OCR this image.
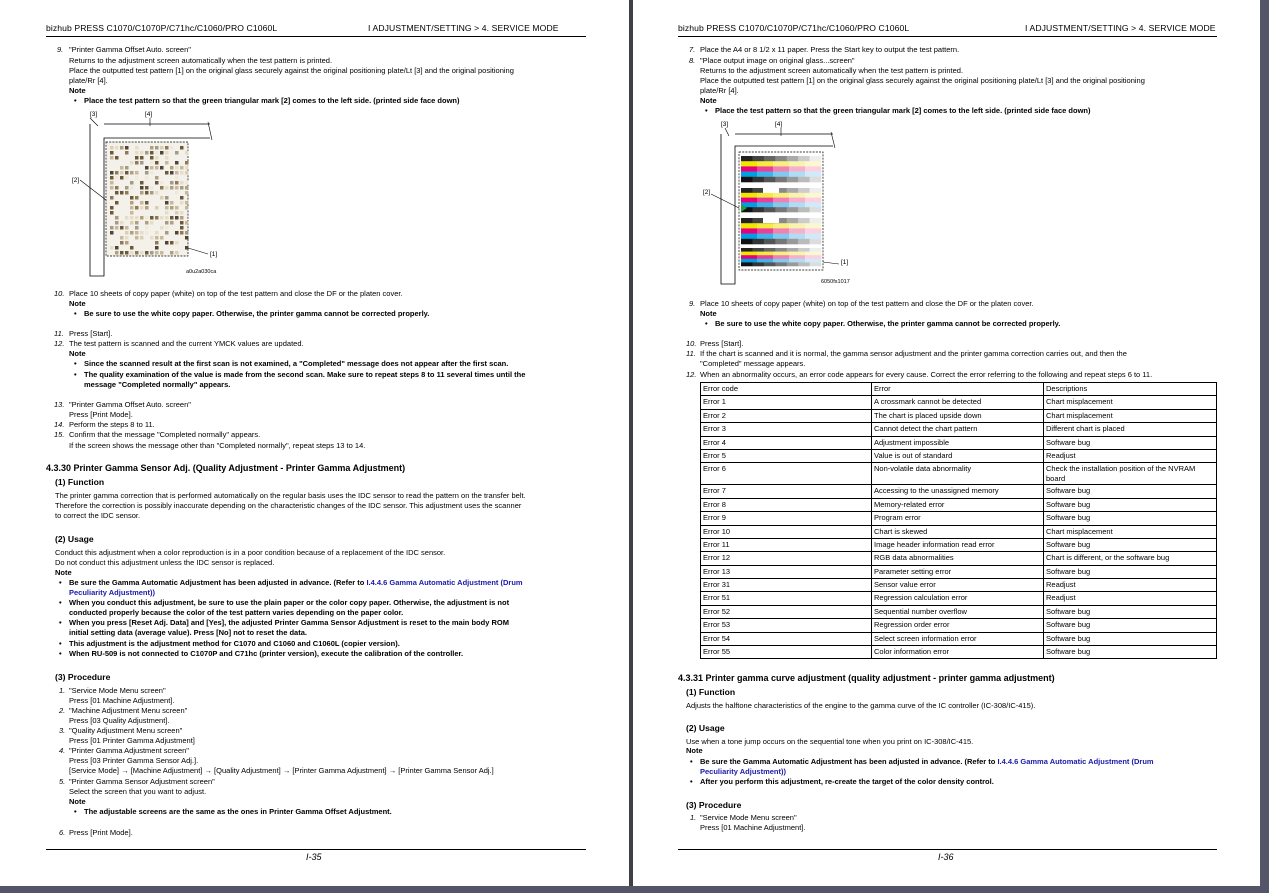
bizhub PRESS C1070/C1070P/C71hc/C1060/PRO C1060L	I ADJUSTMENT/SETTING > 4. SERVICE MODE
9. "Printer Gamma Offset Auto. screen"
Returns to the adjustment screen automatically when the test pattern is printed.
Place the outputted test pattern [1] on the original glass securely against the original positioning plate/Lt [3] and the original positioning
plate/Rr [4].
Note
• Place the test pattern so that the green triangular mark [2] comes to the left side. (printed side face down)
[3]	[4]
[2]
[1]
a0u2a030ca
10. Place 10 sheets of copy paper (white) on top of the test pattern and close the DF or the platen cover.
Note
• Be sure to use the white copy paper. Otherwise, the printer gamma cannot be corrected properly.
11. Press [Start].
12. The test pattern is scanned and the current YMCK values are updated.
Note
• Since the scanned result at the first scan is not examined, a "Completed" message does not appear after the first scan.
• The quality examination of the value is made from the second scan. Make sure to repeat steps 8 to 11 several times until the
message "Completed normally" appears.
13. "Printer Gamma Offset Auto. screen"
Press [Print Mode].
14. Perform the steps 8 to 11.
15. Confirm that the message "Completed normally" appears.
If the screen shows the message other than "Completed normally", repeat steps 13 to 14.
4.3.30 Printer Gamma Sensor Adj. (Quality Adjustment - Printer Gamma Adjustment)
(1) Function
The printer gamma correction that is performed automatically on the regular basis uses the IDC sensor to read the pattern on the transfer belt.
Therefore the correction is possibly inaccurate depending on the characteristic changes of the IDC sensor. This adjustment uses the scanner
to correct the IDC sensor.
(2) Usage
Conduct this adjustment when a color reproduction is in a poor condition because of a replacement of the IDC sensor.
Do not conduct this adjustment unless the IDC sensor is replaced.
Note
• Be sure the Gamma Automatic Adjustment has been adjusted in advance. (Refer to I.4.4.6 Gamma Automatic Adjustment (Drum
Peculiarity Adjustment))
• When you conduct this adjustment, be sure to use the plain paper or the color copy paper. Otherwise, the adjustment is not
conducted properly because the color of the test pattern varies depending on the paper color.
• When you press [Reset Adj. Data] and [Yes], the adjusted Printer Gamma Sensor Adjustment is reset to the main body ROM
initial setting data (average value). Press [No] not to reset the data.
• This adjustment is the adjustment method for C1070 and C1060 and C1060L (copier version).
• When RU-509 is not connected to C1070P and C71hc (printer version), execute the calibration of the controller.
(3) Procedure
1. "Service Mode Menu screen"
Press [01 Machine Adjustment].
2. "Machine Adjustment Menu screen"
Press [03 Quality Adjustment].
3. "Quality Adjustment Menu screen"
Press [01 Printer Gamma Adjustment]
4. "Printer Gamma Adjustment screen"
Press [03 Printer Gamma Sensor Adj.].
[Service Mode] → [Machine Adjustment] → [Quality Adjustment] → [Printer Gamma Adjustment] → [Printer Gamma Sensor Adj.]
5. "Printer Gamma Sensor Adjustment screen"
Select the screen that you want to adjust.
Note
• The adjustable screens are the same as the ones in Printer Gamma Offset Adjustment.
6. Press [Print Mode].
I-35
bizhub PRESS C1070/C1070P/C71hc/C1060/PRO C1060L	I ADJUSTMENT/SETTING > 4. SERVICE MODE
7. Place the A4 or 8 1/2 x 11 paper. Press the Start key to output the test pattern.
8. "Place output image on original glass...screen"
Returns to the adjustment screen automatically when the test pattern is printed.
Place the outputted test pattern [1] on the original glass securely against the original positioning plate/Lt [3] and the original positioning
plate/Rr [4].
Note
• Place the test pattern so that the green triangular mark [2] comes to the left side. (printed side face down)
[3]	[4]
[2]
[1]
6050fs1017
9. Place 10 sheets of copy paper (white) on top of the test pattern and close the DF or the platen cover.
Note
• Be sure to use the white copy paper. Otherwise, the printer gamma cannot be corrected properly.
10. Press [Start].
11. If the chart is scanned and it is normal, the gamma sensor adjustment and the printer gamma correction carries out, and then the
"Completed" message appears.
12. When an abnormality occurs, an error code appears for every cause. Correct the error referring to the following and repeat steps 6 to 11.
Error code	Error	Descriptions
Error 1	A crossmark cannot be detected	Chart misplacement
Error 2	The chart is placed upside down	Chart misplacement
Error 3	Cannot detect the chart pattern	Different chart is placed
Error 4	Adjustment impossible	Software bug
Error 5	Value is out of standard	Readjust
Error 6	Non-volatile data abnormality	Check the installation position of the NVRAM board
Error 7	Accessing to the unassigned memory	Software bug
Error 8	Memory-related error	Software bug
Error 9	Program error	Software bug
Error 10	Chart is skewed	Chart misplacement
Error 11	Image header information read error	Software bug
Error 12	RGB data abnormalities	Chart is different, or the software bug
Error 13	Parameter setting error	Software bug
Error 31	Sensor value error	Readjust
Error 51	Regression calculation error	Readjust
Error 52	Sequential number overflow	Software bug
Error 53	Regression order error	Software bug
Error 54	Select screen information error	Software bug
Error 55	Color information error	Software bug
4.3.31 Printer gamma curve adjustment (quality adjustment - printer gamma adjustment)
(1) Function
Adjusts the halftone characteristics of the engine to the gamma curve of the IC controller (IC-308/IC-415).
(2) Usage
Use when a tone jump occurs on the sequential tone when you print on IC-308/IC-415.
Note
• Be sure the Gamma Automatic Adjustment has been adjusted in advance. (Refer to I.4.4.6 Gamma Automatic Adjustment (Drum
Peculiarity Adjustment))
• After you perform this adjustment, re-create the target of the color density control.
(3) Procedure
1. "Service Mode Menu screen"
Press [01 Machine Adjustment].
I-36
